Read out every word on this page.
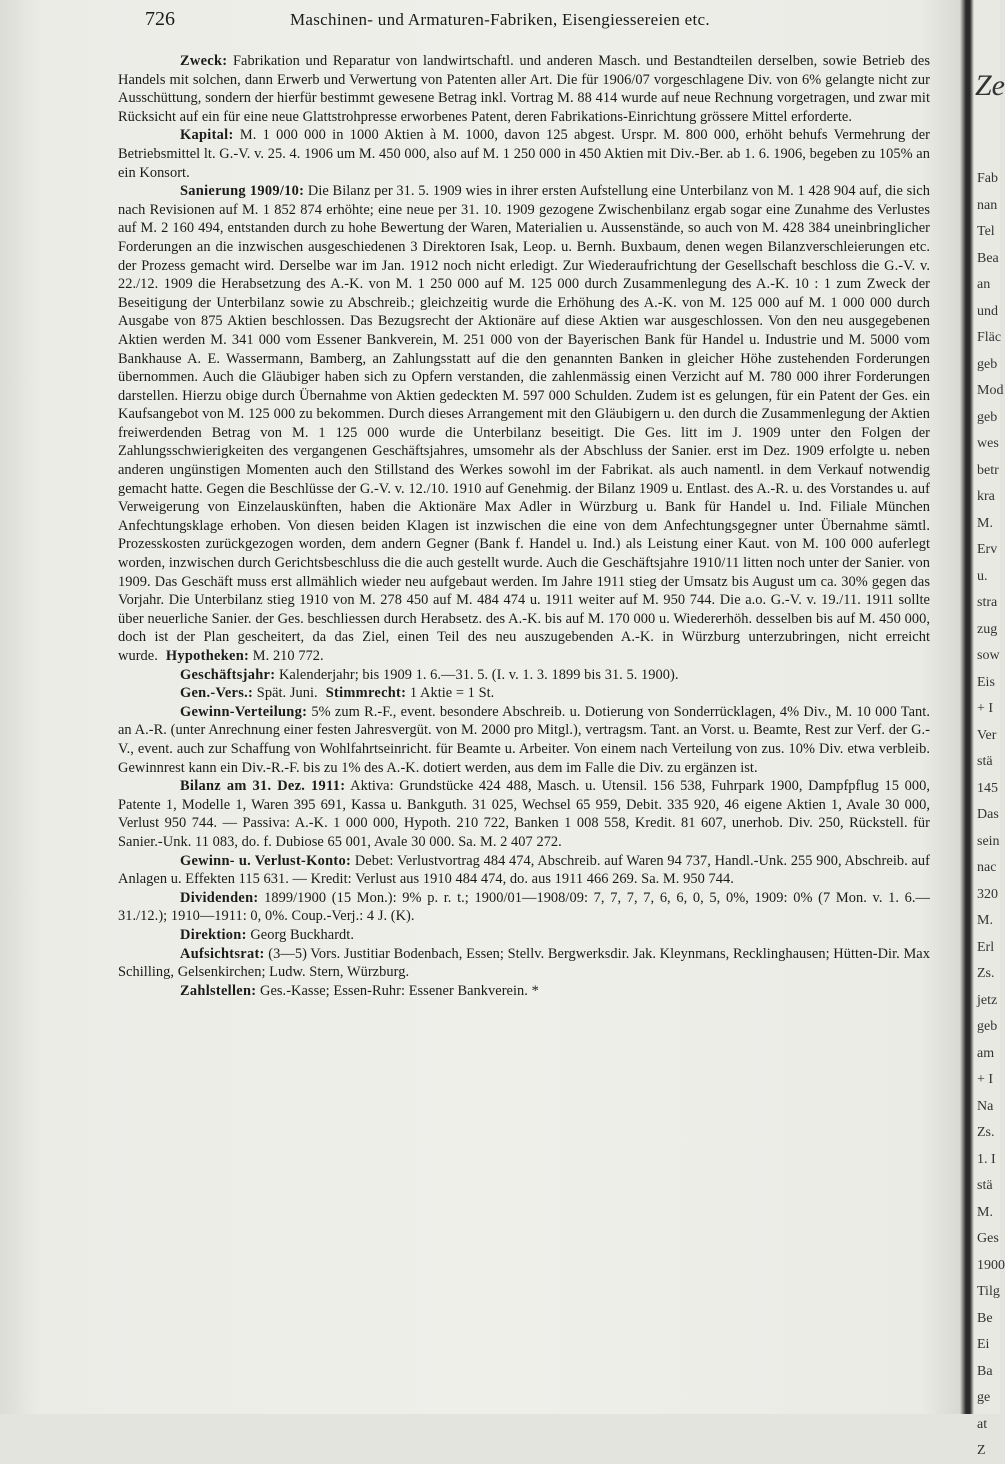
726	Maschinen- und Armaturen-Fabriken, Eisengiessereien etc.

Zweck: Fabrikation und Reparatur von landwirtschaftl. und anderen Masch. und Bestandteilen derselben, sowie Betrieb des Handels mit solchen, dann Erwerb und Verwertung von Patenten aller Art. Die für 1906/07 vorgeschlagene Div. von 6% gelangte nicht zur Ausschüttung, sondern der hierfür bestimmt gewesene Betrag inkl. Vortrag M. 88 414 wurde auf neue Rechnung vorgetragen, und zwar mit Rücksicht auf ein für eine neue Glattstrohpresse erworbenes Patent, deren Fabrikations-Einrichtung grössere Mittel erforderte.

Kapital: M. 1 000 000 in 1000 Aktien à M. 1000, davon 125 abgest. Urspr. M. 800 000, erhöht behufs Vermehrung der Betriebsmittel lt. G.-V. v. 25. 4. 1906 um M. 450 000, also auf M. 1 250 000 in 450 Aktien mit Div.-Ber. ab 1. 6. 1906, begeben zu 105% an ein Konsort.

Sanierung 1909/10: Die Bilanz per 31. 5. 1909 wies in ihrer ersten Aufstellung eine Unterbilanz von M. 1 428 904 auf, die sich nach Revisionen auf M. 1 852 874 erhöhte; eine neue per 31. 10. 1909 gezogene Zwischenbilanz ergab sogar eine Zunahme des Verlustes auf M. 2 160 494, entstanden durch zu hohe Bewertung der Waren, Materialien u. Aussenstände, so auch von M. 428 384 uneinbringlicher Forderungen an die inzwischen ausgeschiedenen 3 Direktoren Isak, Leop. u. Bernh. Buxbaum, denen wegen Bilanzverschleierungen etc. der Prozess gemacht wird. Derselbe war im Jan. 1912 noch nicht erledigt. Zur Wiederaufrichtung der Gesellschaft beschloss die G.-V. v. 22./12. 1909 die Herabsetzung des A.-K. von M. 1 250 000 auf M. 125 000 durch Zusammenlegung des A.-K. 10 : 1 zum Zweck der Beseitigung der Unterbilanz sowie zu Abschreib.; gleichzeitig wurde die Erhöhung des A.-K. von M. 125 000 auf M. 1 000 000 durch Ausgabe von 875 Aktien beschlossen. Das Bezugsrecht der Aktionäre auf diese Aktien war ausgeschlossen. Von den neu ausgegebenen Aktien werden M. 341 000 vom Essener Bankverein, M. 251 000 von der Bayerischen Bank für Handel u. Industrie und M. 5000 vom Bankhause A. E. Wassermann, Bamberg, an Zahlungsstatt auf die den genannten Banken in gleicher Höhe zustehenden Forderungen übernommen. Auch die Gläubiger haben sich zu Opfern verstanden, die zahlenmässig einen Verzicht auf M. 780 000 ihrer Forderungen darstellen. Hierzu obige durch Übernahme von Aktien gedeckten M. 597 000 Schulden. Zudem ist es gelungen, für ein Patent der Ges. ein Kaufsangebot von M. 125 000 zu bekommen. Durch dieses Arrangement mit den Gläubigern u. den durch die Zusammenlegung der Aktien freiwerdenden Betrag von M. 1 125 000 wurde die Unterbilanz beseitigt. Die Ges. litt im J. 1909 unter den Folgen der Zahlungsschwierigkeiten des vergangenen Geschäftsjahres, umsomehr als der Abschluss der Sanier. erst im Dez. 1909 erfolgte u. neben anderen ungünstigen Momenten auch den Stillstand des Werkes sowohl im der Fabrikat. als auch namentl. in dem Verkauf notwendig gemacht hatte. Gegen die Beschlüsse der G.-V. v. 12./10. 1910 auf Genehmig. der Bilanz 1909 u. Entlast. des A.-R. u. des Vorstandes u. auf Verweigerung von Einzelauskünften, haben die Aktionäre Max Adler in Würzburg u. Bank für Handel u. Ind. Filiale München Anfechtungsklage erhoben. Von diesen beiden Klagen ist inzwischen die eine von dem Anfechtungsgegner unter Übernahme sämtl. Prozesskosten zurückgezogen worden, dem andern Gegner (Bank f. Handel u. Ind.) als Leistung einer Kaut. von M. 100 000 auferlegt worden, inzwischen durch Gerichtsbeschluss die die auch gestellt wurde. Auch die Geschäftsjahre 1910/11 litten noch unter der Sanier. von 1909. Das Geschäft muss erst allmählich wieder neu aufgebaut werden. Im Jahre 1911 stieg der Umsatz bis August um ca. 30% gegen das Vorjahr. Die Unterbilanz stieg 1910 von M. 278 450 auf M. 484 474 u. 1911 weiter auf M. 950 744. Die a.o. G.-V. v. 19./11. 1911 sollte über neuerliche Sanier. der Ges. beschliessen durch Herabsetz. des A.-K. bis auf M. 170 000 u. Wiedererhöh. desselben bis auf M. 450 000, doch ist der Plan gescheitert, da das Ziel, einen Teil des neu auszugebenden A.-K. in Würzburg unterzubringen, nicht erreicht wurde. Hypotheken: M. 210 772.

Geschäftsjahr: Kalenderjahr; bis 1909 1. 6.—31. 5. (I. v. 1. 3. 1899 bis 31. 5. 1900).

Gen.-Vers.: Spät. Juni. Stimmrecht: 1 Aktie = 1 St.

Gewinn-Verteilung: 5% zum R.-F., event. besondere Abschreib. u. Dotierung von Sonderrücklagen, 4% Div., M. 10 000 Tant. an A.-R. (unter Anrechnung einer festen Jahresvergüt. von M. 2000 pro Mitgl.), vertragsm. Tant. an Vorst. u. Beamte, Rest zur Verf. der G.-V., event. auch zur Schaffung von Wohlfahrtseinricht. für Beamte u. Arbeiter. Von einem nach Verteilung von zus. 10% Div. etwa verbleib. Gewinnrest kann ein Div.-R.-F. bis zu 1% des A.-K. dotiert werden, aus dem im Falle die Div. zu ergänzen ist.

Bilanz am 31. Dez. 1911: Aktiva: Grundstücke 424 488, Masch. u. Utensil. 156 538, Fuhrpark 1900, Dampfpflug 15 000, Patente 1, Modelle 1, Waren 395 691, Kassa u. Bankguth. 31 025, Wechsel 65 959, Debit. 335 920, 46 eigene Aktien 1, Avale 30 000, Verlust 950 744. — Passiva: A.-K. 1 000 000, Hypoth. 210 722, Banken 1 008 558, Kredit. 81 607, unerhob. Div. 250, Rückstell. für Sanier.-Unk. 11 083, do. f. Dubiose 65 001, Avale 30 000. Sa. M. 2 407 272.

Gewinn- u. Verlust-Konto: Debet: Verlustvortrag 484 474, Abschreib. auf Waren 94 737, Handl.-Unk. 255 900, Abschreib. auf Anlagen u. Effekten 115 631. — Kredit: Verlust aus 1910 484 474, do. aus 1911 466 269. Sa. M. 950 744.

Dividenden: 1899/1900 (15 Mon.): 9% p. r. t.; 1900/01—1908/09: 7, 7, 7, 7, 6, 6, 0, 5, 0%, 1909: 0% (7 Mon. v. 1. 6.—31./12.); 1910—1911: 0, 0%. Coup.-Verj.: 4 J. (K).

Direktion: Georg Buckhardt.

Aufsichtsrat: (3—5) Vors. Justitiar Bodenbach, Essen; Stellv. Bergwerksdir. Jak. Kleynmans, Recklinghausen; Hütten-Dir. Max Schilling, Gelsenkirchen; Ludw. Stern, Würzburg.

Zahlstellen: Ges.-Kasse; Essen-Ruhr: Essener Bankverein. *

Ze
Fab
nan
Tel
Bea
an
und
Fläc
geb
Mod
geb
wes
betr
kra
M.
Erv
u.
stra
zug
sow
Eis
+ I
Ver
stä
145
Das
sein
nac
320
M.
Erl
Zs.
jetz
geb
am
+ I
Na
Zs.
1. I
stä
M.
Ges
1900
Tilg
Be
Ei
Ba
ge
at
Z
